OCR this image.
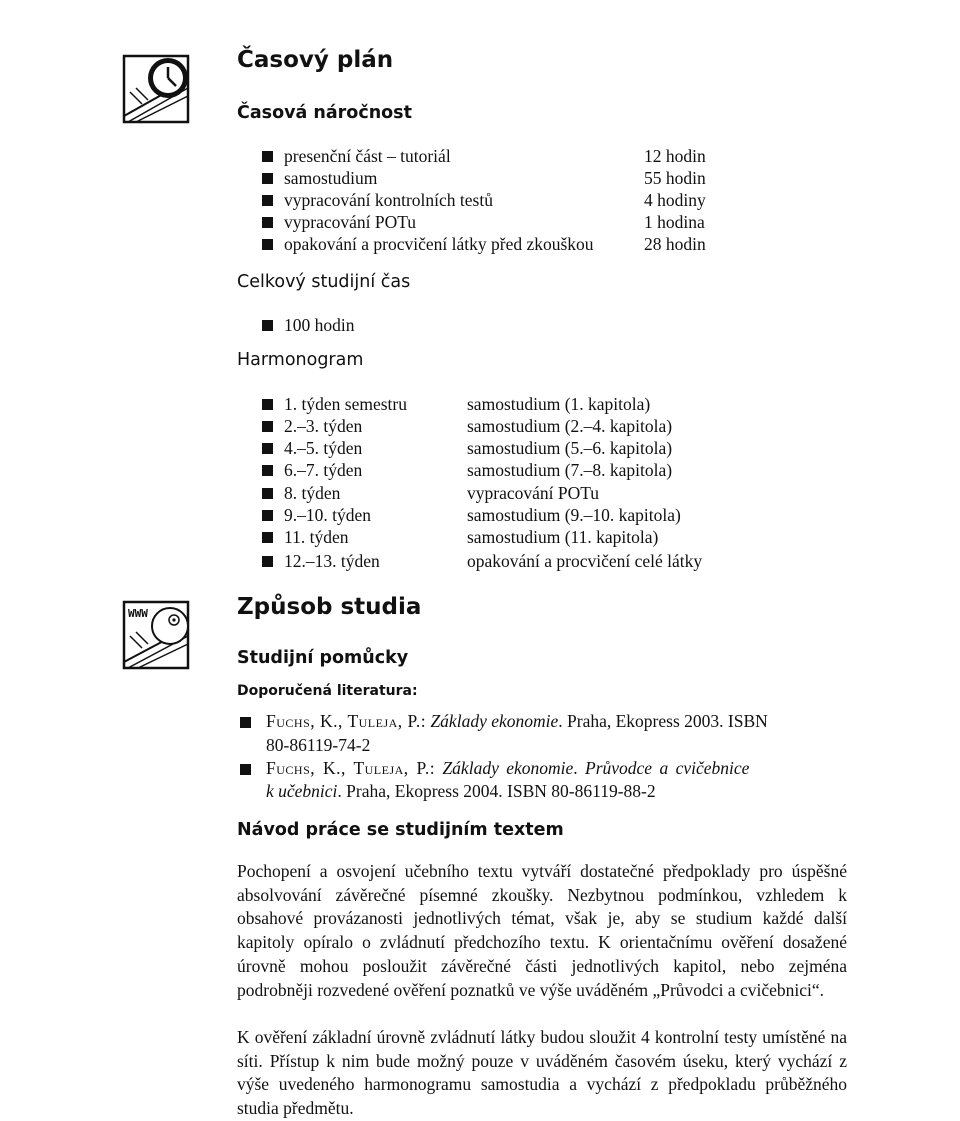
WWW
Časový plán
Časová náročnost
presenční část – tutoriál	12 hodin
samostudium	55 hodin
vypracování kontrolních testů	4 hodiny
vypracování POTu	1 hodina
opakování a procvičení látky před zkouškou	28 hodin
Celkový studijní čas
100 hodin
Harmonogram
1. týden semestru	samostudium (1. kapitola)
2.–3. týden	samostudium (2.–4. kapitola)
4.–5. týden	samostudium (5.–6. kapitola)
6.–7. týden	samostudium (7.–8. kapitola)
8. týden	vypracování POTu
9.–10. týden	samostudium (9.–10. kapitola)
11. týden	samostudium (11. kapitola)
12.–13. týden	opakování a procvičení celé látky
Způsob studia
Studijní pomůcky
Doporučená literatura:
Fuchs, K., Tuleja, P.: Základy ekonomie. Praha, Ekopress 2003. ISBN
80-86119-74-2
Fuchs, K., Tuleja, P.: Základy ekonomie. Průvodce a cvičebnice
k učebnici. Praha, Ekopress 2004. ISBN 80-86119-88-2
Návod práce se studijním textem

Pochopení a osvojení učebního textu vytváří dostatečné předpoklady pro úspěšné absolvování závěrečné písemné zkoušky. Nezbytnou podmínkou, vzhledem k obsahové provázanosti jednotlivých témat, však je, aby se studium každé další kapitoly opíralo o zvládnutí předchozího textu. K orientačnímu ověření dosažené úrovně mohou posloužit závěrečné části jednotlivých kapitol, nebo zejména podrobněji rozvedené ověření poznatků ve výše uváděném „Průvodci a cvičebnici“.

K ověření základní úrovně zvládnutí látky budou sloužit 4 kontrolní testy umístěné na síti. Přístup k nim bude možný pouze v uváděném časovém úseku, který vychází z výše uvedeného harmonogramu samostudia a vychází z předpokladu průběžného studia předmětu.
